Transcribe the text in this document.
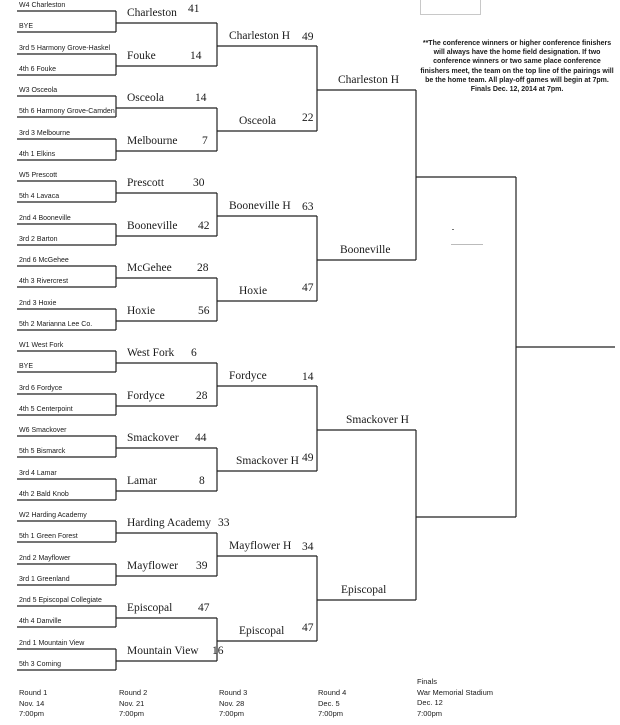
**The conference winners or higher conference finishers will always have the home field designation. If two conference winners or two same place conference finishers meet, the team on the top line of the pairings will be the home team. All play-off games will begin at 7pm. Finals Dec. 12, 2014 at 7pm.
W4 Charleston
BYE
3rd 5 Harmony Grove-Haskel
4th 6 Fouke
W3 Osceola
5th 6 Harmony Grove-Camden
3rd 3 Melbourne
4th 1 Elkins
W5 Prescott
5th 4 Lavaca
2nd 4 Booneville
3rd 2 Barton
2nd 6 McGehee
4th 3 Rivercrest
2nd 3 Hoxie
5th 2 Marianna Lee Co.
W1 West Fork
BYE
3rd 6 Fordyce
4th 5 Centerpoint
W6 Smackover
5th 5 Bismarck
3rd 4 Lamar
4th 2 Bald Knob
W2 Harding Academy
5th 1 Green Forest
2nd 2 Mayflower
3rd 1 Greenland
2nd 5 Episcopal Collegiate
4th 4 Danville
2nd 1 Mountain View
5th 3 Corning
Charleston
Fouke
Osceola
Melbourne
Prescott
Booneville
McGehee
Hoxie
West Fork
Fordyce
Smackover
Lamar
Harding Academy
Mayflower
Episcopal
Mountain View
41
14
14
7
30
42
28
56
6
28
44
8
33
39
47
16
Charleston H 49
Osceola 22
Booneville H 63
Hoxie	47
Fordyce	14
Smackover H 49
Mayflower H 34
Episcopal 47
Charleston H
Booneville
Smackover H
Episcopal
Round 1
Nov. 14
7:00pm
Round 2
Nov. 21
7:00pm
Round 3
Nov. 28
7:00pm
Round 4
Dec. 5
7:00pm
Finals
War Memorial Stadium
Dec. 12
7:00pm
